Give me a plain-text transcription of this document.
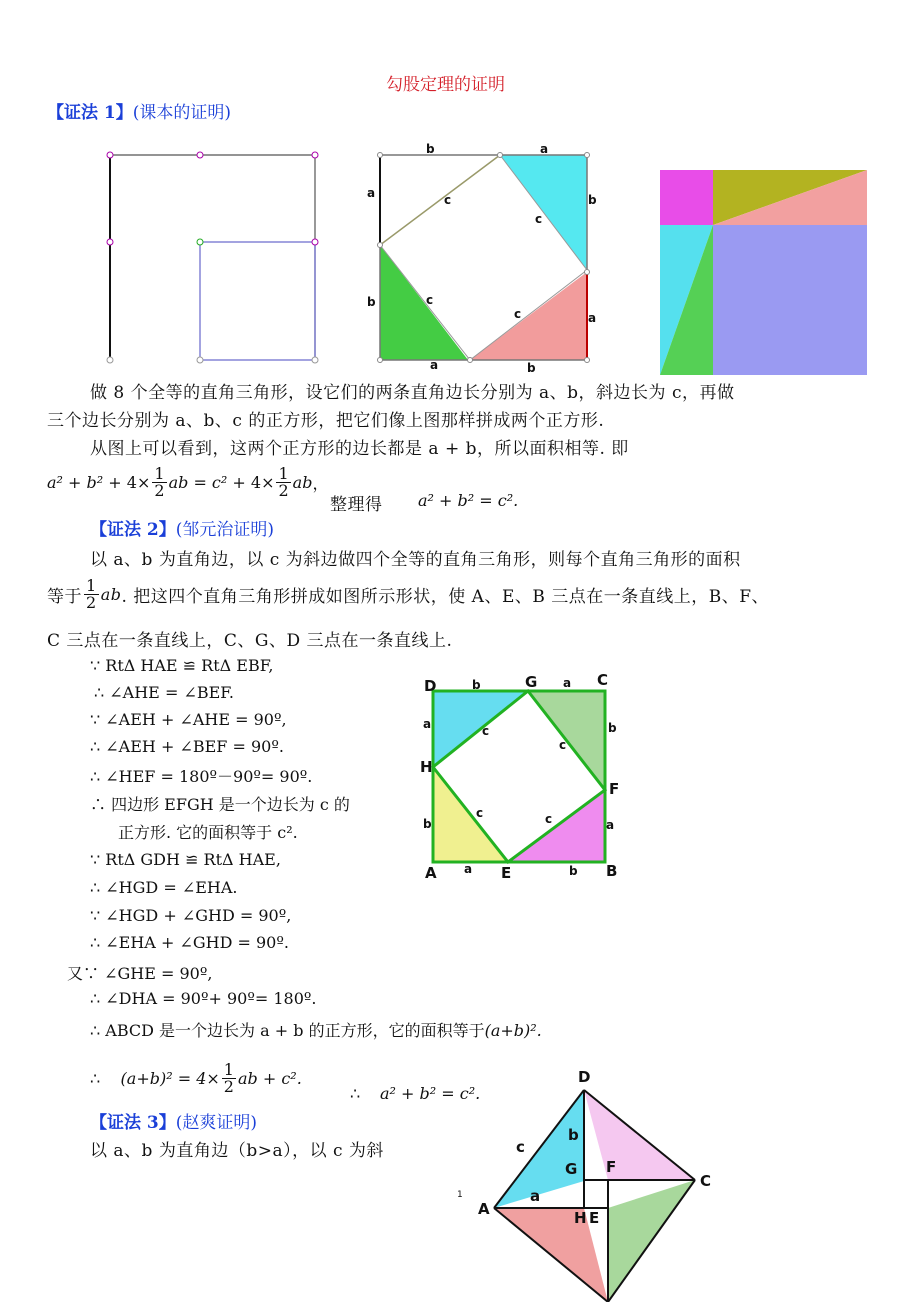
勾股定理的证明
【证法 1】(课本的证明)
b	a
a	b
c
c
c
c
b
a
a	b
做 8 个全等的直角三角形，设它们的两条直角边长分别为 a、b，斜边长为 c，再做
三个边长分别为 a、b、c 的正方形，把它们像上图那样拼成两个正方形.
从图上可以看到，这两个正方形的边长都是 a + b，所以面积相等. 即
a²
+ b²
+ $4\times \frac{1}{2}$ ab
= c²
+ $4\times \frac{1}{2}$ ab ，
整理得 a² + b² = c².
【证法 2】(邹元治证明)
以 a、b 为直角边，以 c 为斜边做四个全等的直角三角形，则每个直角三角形的面积
等于 $\frac{1}{2}$ ab . 把这四个直角三角形拼成如图所示形状，使 A、E、B 三点在一条直线上，B、F、
C 三点在一条直线上，C、G、D 三点在一条直线上.
∵ RtΔ HAE ≌ RtΔ EBF,
∴ ∠AHE = ∠BEF.
∵ ∠AEH + ∠AHE = 90º,
∴ ∠AEH + ∠BEF = 90º.
∴ ∠HEF = 180º－90º= 90º.
∴ 四边形 EFGH 是一个边长为 c 的
正方形. 它的面积等于 c².
∵ RtΔ GDH ≌ RtΔ HAE,
∴ ∠HGD = ∠EHA.
∵ ∠HGD + ∠GHD = 90º,
∴ ∠EHA + ∠GHD = 90º.
又∵ ∠GHE = 90º,
∴ ∠DHA = 90º+ 90º= 180º.
∴ ABCD 是一个边长为 a + b 的正方形，它的面积等于(a+b)².
∴
$(a+b)^2 = 4\times \frac{1}{2}$ ab + c².
∴ a² + b² = c².
D	G	C
H
F
A	E	B
b	a
a	b
c
c
c	c
b	a
a	b
【证法 3】(赵爽证明)
以 a、b 为直角边（b>a），以 c 为斜
D
C
A
G F
H E
c
b
a
1
